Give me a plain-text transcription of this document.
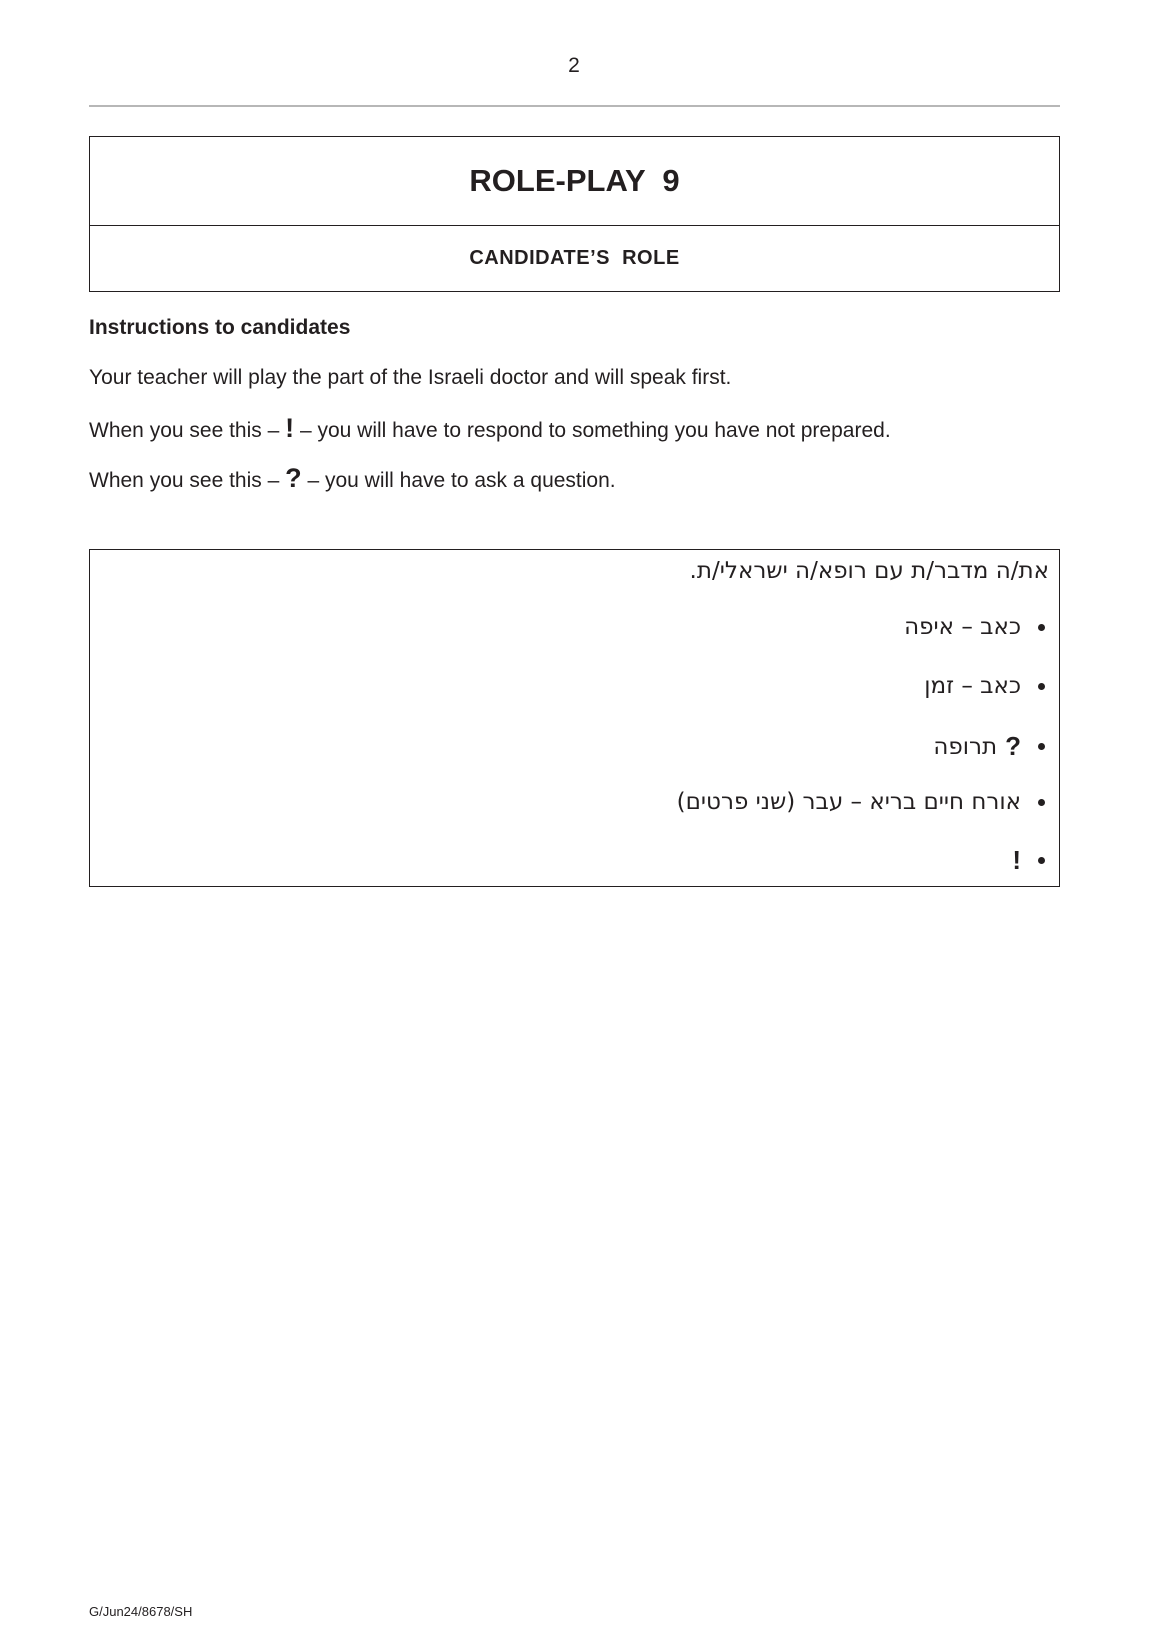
2
ROLE-PLAY  9
CANDIDATE’S  ROLE
Instructions to candidates
Your teacher will play the part of the Israeli doctor and will speak first.
When you see this – ! – you will have to respond to something you have not prepared.
When you see this – ? – you will have to ask a question.
את/ה מדבר/ת עם רופא/ה ישראלי/ת.
כאב – איפה
כאב – זמן
?
תרופה
אורח חיים בריא – עבר (שני פרטים)
!
G/Jun24/8678/SH
